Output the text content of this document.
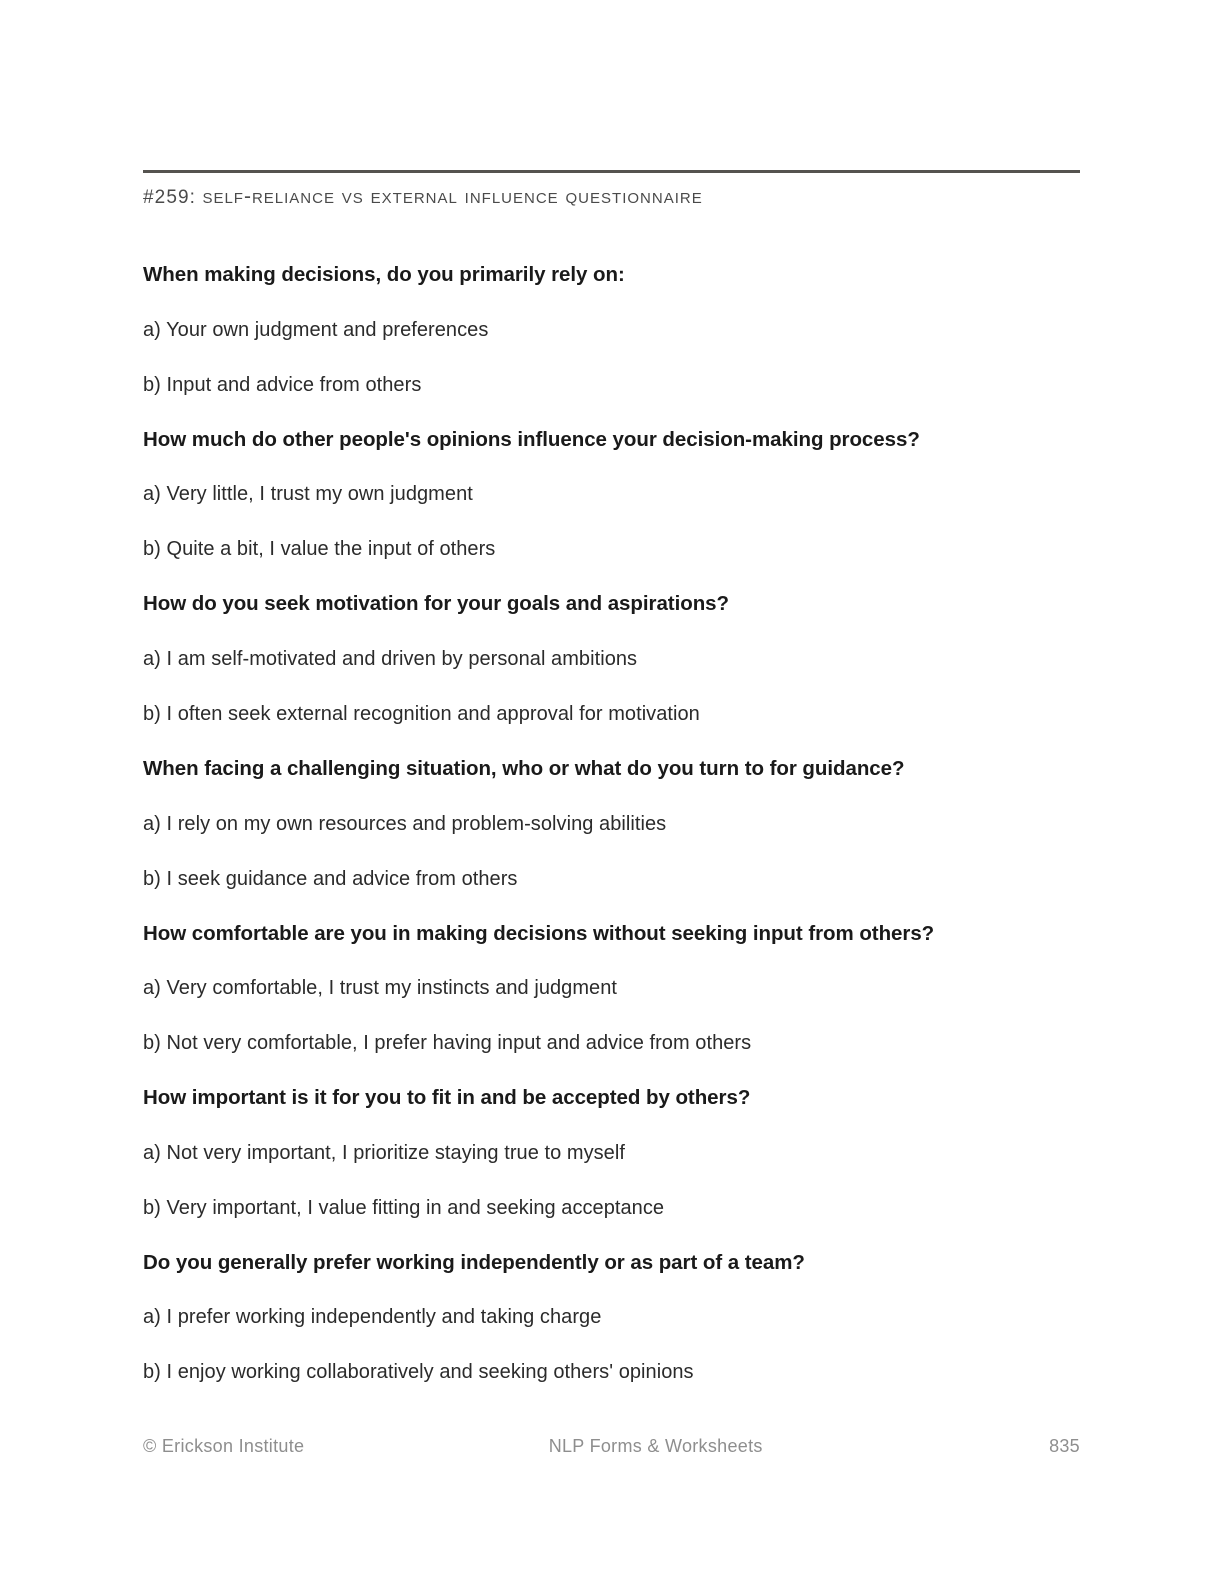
#259: self-reliance vs external influence questionnaire
When making decisions, do you primarily rely on:
a) Your own judgment and preferences
b) Input and advice from others
How much do other people's opinions influence your decision-making process?
a) Very little, I trust my own judgment
b) Quite a bit, I value the input of others
How do you seek motivation for your goals and aspirations?
a) I am self-motivated and driven by personal ambitions
b) I often seek external recognition and approval for motivation
When facing a challenging situation, who or what do you turn to for guidance?
a) I rely on my own resources and problem-solving abilities
b) I seek guidance and advice from others
How comfortable are you in making decisions without seeking input from others?
a) Very comfortable, I trust my instincts and judgment
b) Not very comfortable, I prefer having input and advice from others
How important is it for you to fit in and be accepted by others?
a) Not very important, I prioritize staying true to myself
b) Very important, I value fitting in and seeking acceptance
Do you generally prefer working independently or as part of a team?
a) I prefer working independently and taking charge
b) I enjoy working collaboratively and seeking others' opinions
© Erickson Institute	NLP Forms & Worksheets	835
